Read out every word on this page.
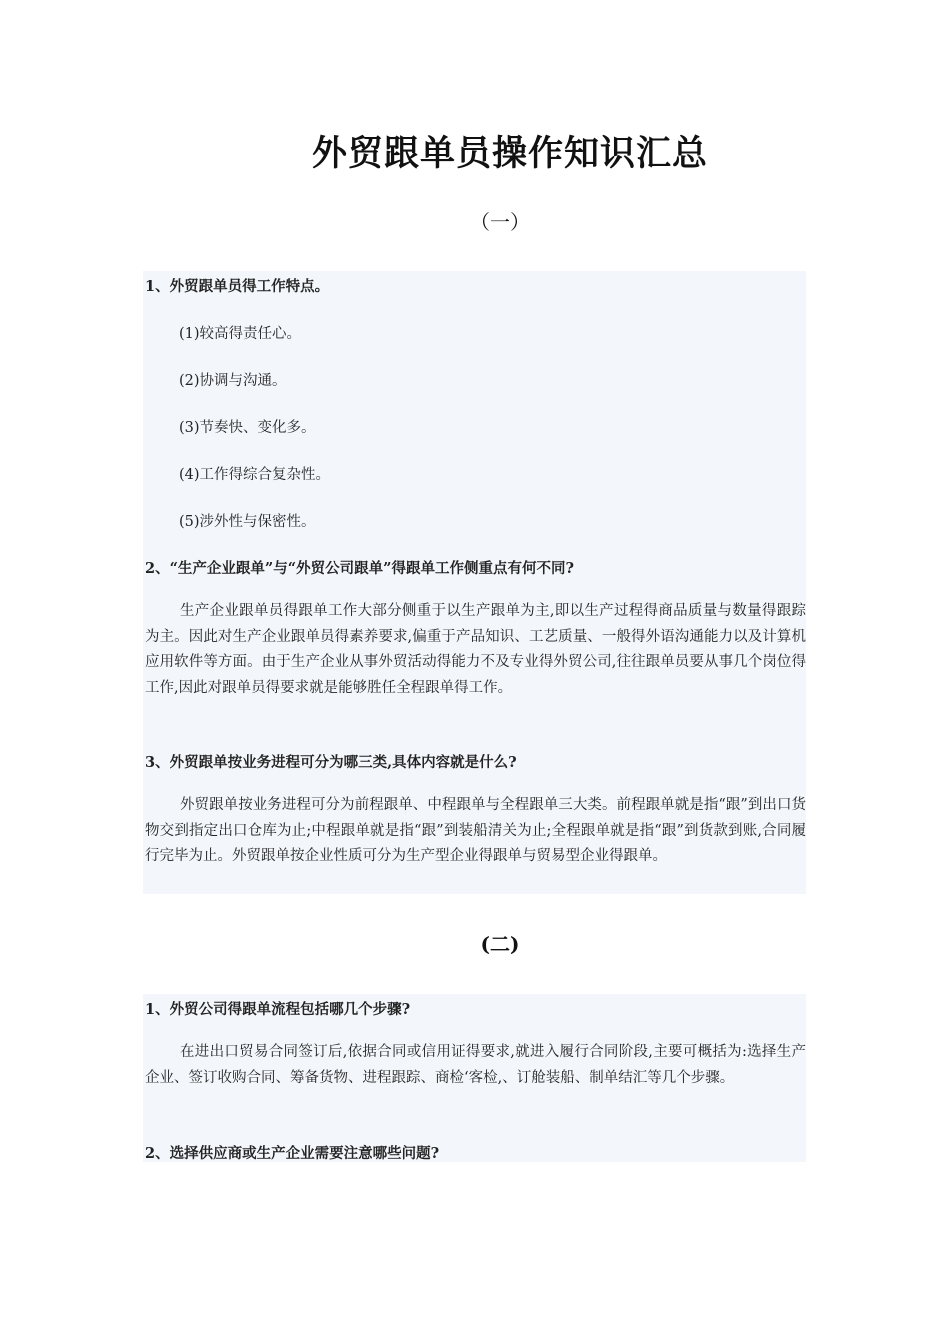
外贸跟单员操作知识汇总
（一）
1、外贸跟单员得工作特点。
(1)较高得责任心。
(2)协调与沟通。
(3)节奏快、变化多。
(4)工作得综合复杂性。
(5)涉外性与保密性。
2、“生产企业跟单”与“外贸公司跟单”得跟单工作侧重点有何不同?
生产企业跟单员得跟单工作大部分侧重于以生产跟单为主,即以生产过程得商品质量与数量得跟踪为主。因此对生产企业跟单员得素养要求,偏重于产品知识、工艺质量、一般得外语沟通能力以及计算机应用软件等方面。由于生产企业从事外贸活动得能力不及专业得外贸公司,往往跟单员要从事几个岗位得工作,因此对跟单员得要求就是能够胜任全程跟单得工作。
3、外贸跟单按业务进程可分为哪三类,具体内容就是什么?
外贸跟单按业务进程可分为前程跟单、中程跟单与全程跟单三大类。前程跟单就是指“跟”到出口货物交到指定出口仓库为止;中程跟单就是指“跟”到装船清关为止;全程跟单就是指“跟”到货款到账,合同履行完毕为止。外贸跟单按企业性质可分为生产型企业得跟单与贸易型企业得跟单。
(二)
1、外贸公司得跟单流程包括哪几个步骤?
在进出口贸易合同签订后,依据合同或信用证得要求,就进入履行合同阶段,主要可概括为:选择生产企业、签订收购合同、筹备货物、进程跟踪、商检‘客检,、订舱装船、制单结汇等几个步骤。
2、选择供应商或生产企业需要注意哪些问题?
